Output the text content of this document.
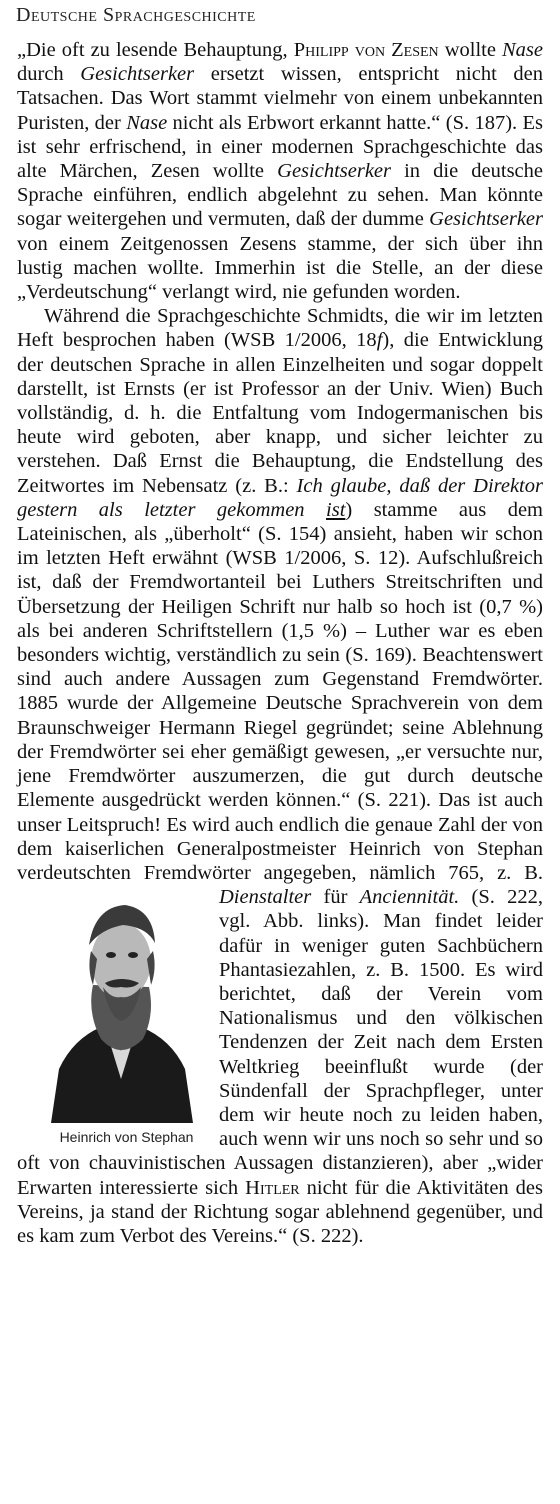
Deutsche Sprachgeschichte

„Die oft zu lesende Behauptung, Philipp von Zesen wollte Nase durch Gesichtserker ersetzt wissen, entspricht nicht den Tatsachen. Das Wort stammt vielmehr von einem unbekannten Puristen, der Nase nicht als Erbwort erkannt hatte.“ (S. 187). Es ist sehr erfrischend, in einer modernen Sprachgeschichte das alte Märchen, Zesen wollte Gesichtserker in die deutsche Sprache einführen, endlich abgelehnt zu sehen. Man könnte sogar weitergehen und vermuten, daß der dumme Gesichtserker von einem Zeitgenossen Zesens stamme, der sich über ihn lustig machen wollte. Immerhin ist die Stelle, an der diese „Verdeutschung“ verlangt wird, nie gefunden worden.

Während die Sprachgeschichte Schmidts, die wir im letzten Heft besprochen haben (WSB 1/2006, 18f), die Entwicklung der deutschen Sprache in allen Einzelheiten und sogar doppelt darstellt, ist Ernsts (er ist Professor an der Univ. Wien) Buch vollständig, d. h. die Entfaltung vom Indogermanischen bis heute wird geboten, aber knapp, und sicher leichter zu verstehen. Daß Ernst die Behauptung, die Endstellung des Zeitwortes im Nebensatz (z. B.: Ich glaube, daß der Direktor gestern als letzter gekommen ist) stamme aus dem Lateinischen, als „überholt“ (S. 154) ansieht, haben wir schon im letzten Heft erwähnt (WSB 1/2006, S. 12). Aufschlußreich ist, daß der Fremdwortanteil bei Luthers Streitschriften und Übersetzung der Heiligen Schrift nur halb so hoch ist (0,7 %) als bei anderen Schriftstellern (1,5 %) – Luther war es eben besonders wichtig, verständlich zu sein (S. 169). Beachtenswert sind auch andere Aussagen zum Gegenstand Fremdwörter. 1885 wurde der Allgemeine Deutsche Sprachverein von dem Braunschweiger Hermann Riegel gegründet; seine Ablehnung der Fremdwörter sei eher gemäßigt gewesen, „er versuchte nur, jene Fremdwörter auszumerzen, die gut durch deutsche Elemente ausgedrückt werden können.“ (S. 221). Das ist auch unser Leitspruch! Es wird auch endlich die genaue Zahl der von dem kaiserlichen Generalpostmeister Heinrich von Stephan verdeutschten Fremdwörter angegeben, nämlich 765, z. B.
Heinrich von Stephan
Dienstalter für Anciennität. (S. 222, vgl. Abb. links). Man findet leider dafür in weniger guten Sachbüchern Phantasiezahlen, z. B. 1500. Es wird berichtet, daß der Verein vom Nationalismus und den völkischen Tendenzen der Zeit nach dem Ersten Weltkrieg beeinflußt wurde (der Sündenfall der Sprachpfleger, unter dem wir heute noch zu leiden haben, auch wenn wir uns noch so sehr und so oft von chauvinistischen Aussagen distanzieren), aber „wider Erwarten interessierte sich Hitler nicht für die Aktivitäten des Vereins, ja stand der Richtung sogar ablehnend gegenüber, und es kam zum Verbot des Vereins.“ (S. 222).
